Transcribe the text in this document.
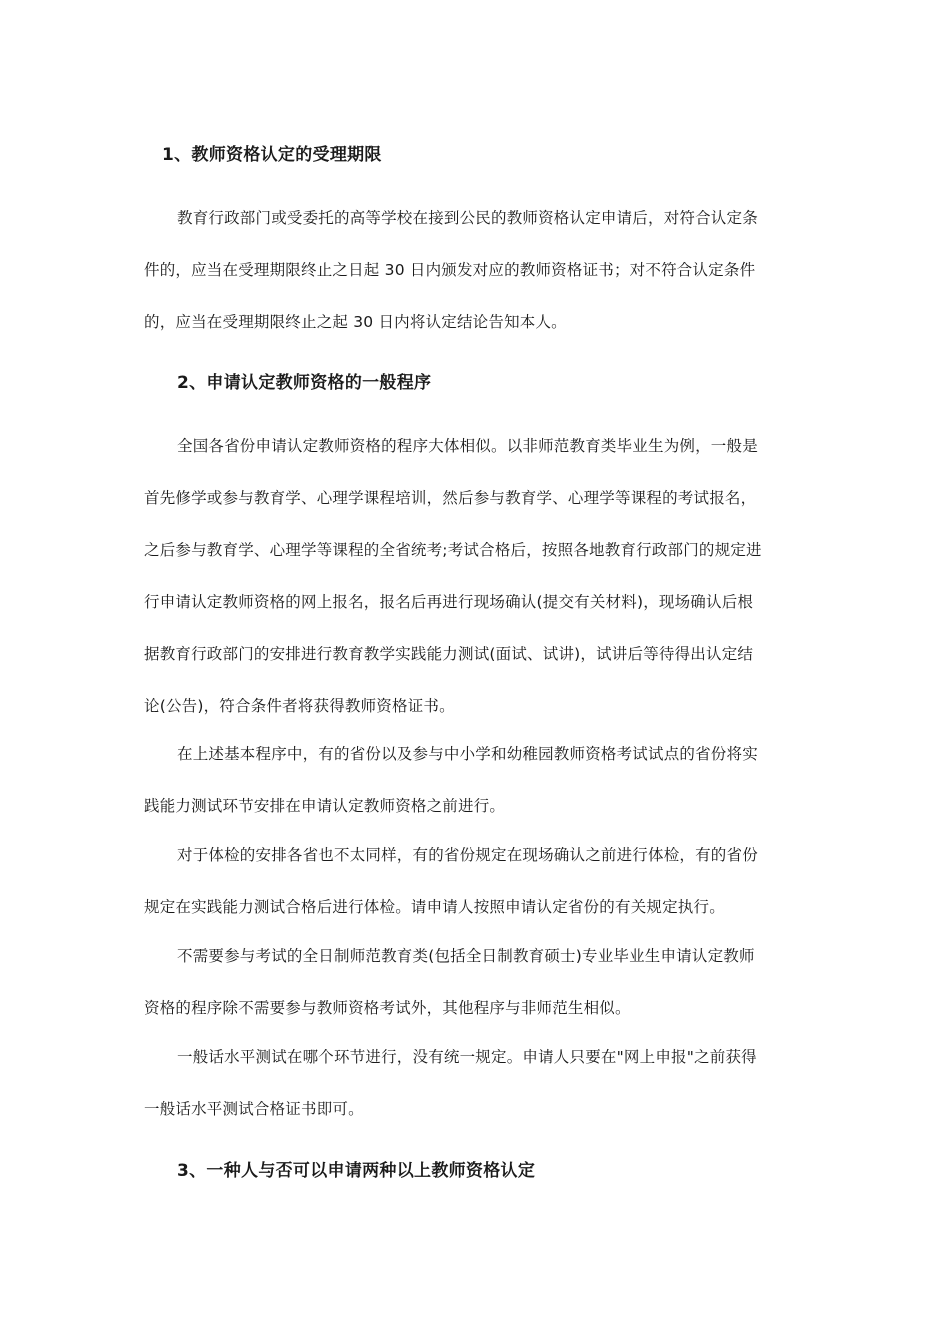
1、教师资格认定的受理期限
教育行政部门或受委托的高等学校在接到公民的教师资格认定申请后，对符合认定条
件的，应当在受理期限终止之日起 30 日内颁发对应的教师资格证书；对不符合认定条件
的，应当在受理期限终止之起 30 日内将认定结论告知本人。
2、申请认定教师资格的一般程序
全国各省份申请认定教师资格的程序大体相似。以非师范教育类毕业生为例，一般是
首先修学或参与教育学、心理学课程培训，然后参与教育学、心理学等课程的考试报名，
之后参与教育学、心理学等课程的全省统考;考试合格后，按照各地教育行政部门的规定进
行申请认定教师资格的网上报名，报名后再进行现场确认(提交有关材料)，现场确认后根
据教育行政部门的安排进行教育教学实践能力测试(面试、试讲)，试讲后等待得出认定结
论(公告)，符合条件者将获得教师资格证书。
在上述基本程序中，有的省份以及参与中小学和幼稚园教师资格考试试点的省份将实
践能力测试环节安排在申请认定教师资格之前进行。
对于体检的安排各省也不太同样，有的省份规定在现场确认之前进行体检，有的省份
规定在实践能力测试合格后进行体检。请申请人按照申请认定省份的有关规定执行。
不需要参与考试的全日制师范教育类(包括全日制教育硕士)专业毕业生申请认定教师
资格的程序除不需要参与教师资格考试外，其他程序与非师范生相似。
一般话水平测试在哪个环节进行，没有统一规定。申请人只要在"网上申报"之前获得
一般话水平测试合格证书即可。
3、一种人与否可以申请两种以上教师资格认定
